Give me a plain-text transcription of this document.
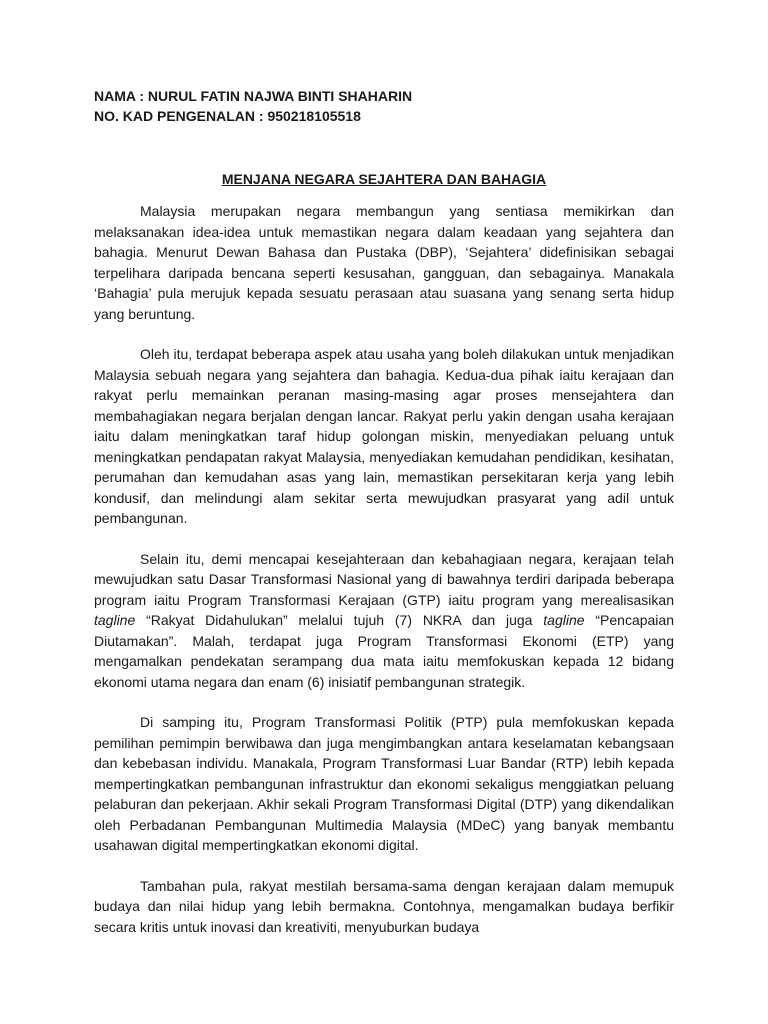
NAMA : NURUL FATIN NAJWA BINTI SHAHARIN

NO. KAD PENGENALAN : 950218105518

MENJANA NEGARA SEJAHTERA DAN BAHAGIA

Malaysia merupakan negara membangun yang sentiasa memikirkan dan melaksanakan idea-idea untuk memastikan negara dalam keadaan yang sejahtera dan bahagia. Menurut Dewan Bahasa dan Pustaka (DBP), ‘Sejahtera’ didefinisikan sebagai terpelihara daripada bencana seperti kesusahan, gangguan, dan sebagainya. Manakala ‘Bahagia’ pula merujuk kepada sesuatu perasaan atau suasana yang senang serta hidup yang beruntung.

Oleh itu, terdapat beberapa aspek atau usaha yang boleh dilakukan untuk menjadikan Malaysia sebuah negara yang sejahtera dan bahagia. Kedua-dua pihak iaitu kerajaan dan rakyat perlu memainkan peranan masing-masing agar proses mensejahtera dan membahagiakan negara berjalan dengan lancar. Rakyat perlu yakin dengan usaha kerajaan iaitu dalam meningkatkan taraf hidup golongan miskin, menyediakan peluang untuk meningkatkan pendapatan rakyat Malaysia, menyediakan kemudahan pendidikan, kesihatan, perumahan dan kemudahan asas yang lain, memastikan persekitaran kerja yang lebih kondusif, dan melindungi alam sekitar serta mewujudkan prasyarat yang adil untuk pembangunan.

Selain itu, demi mencapai kesejahteraan dan kebahagiaan negara, kerajaan telah mewujudkan satu Dasar Transformasi Nasional yang di bawahnya terdiri daripada beberapa program iaitu Program Transformasi Kerajaan (GTP) iaitu program yang merealisasikan tagline “Rakyat Didahulukan” melalui tujuh (7) NKRA dan juga tagline “Pencapaian Diutamakan”. Malah, terdapat juga Program Transformasi Ekonomi (ETP) yang mengamalkan pendekatan serampang dua mata iaitu memfokuskan kepada 12 bidang ekonomi utama negara dan enam (6) inisiatif pembangunan strategik.

Di samping itu, Program Transformasi Politik (PTP) pula memfokuskan kepada pemilihan pemimpin berwibawa dan juga mengimbangkan antara keselamatan kebangsaan dan kebebasan individu. Manakala, Program Transformasi Luar Bandar (RTP) lebih kepada mempertingkatkan pembangunan infrastruktur dan ekonomi sekaligus menggiatkan peluang pelaburan dan pekerjaan. Akhir sekali Program Transformasi Digital (DTP) yang dikendalikan oleh Perbadanan Pembangunan Multimedia Malaysia (MDeC) yang banyak membantu usahawan digital mempertingkatkan ekonomi digital.

Tambahan pula, rakyat mestilah bersama-sama dengan kerajaan dalam memupuk budaya dan nilai hidup yang lebih bermakna. Contohnya, mengamalkan budaya berfikir secara kritis untuk inovasi dan kreativiti, menyuburkan budaya
